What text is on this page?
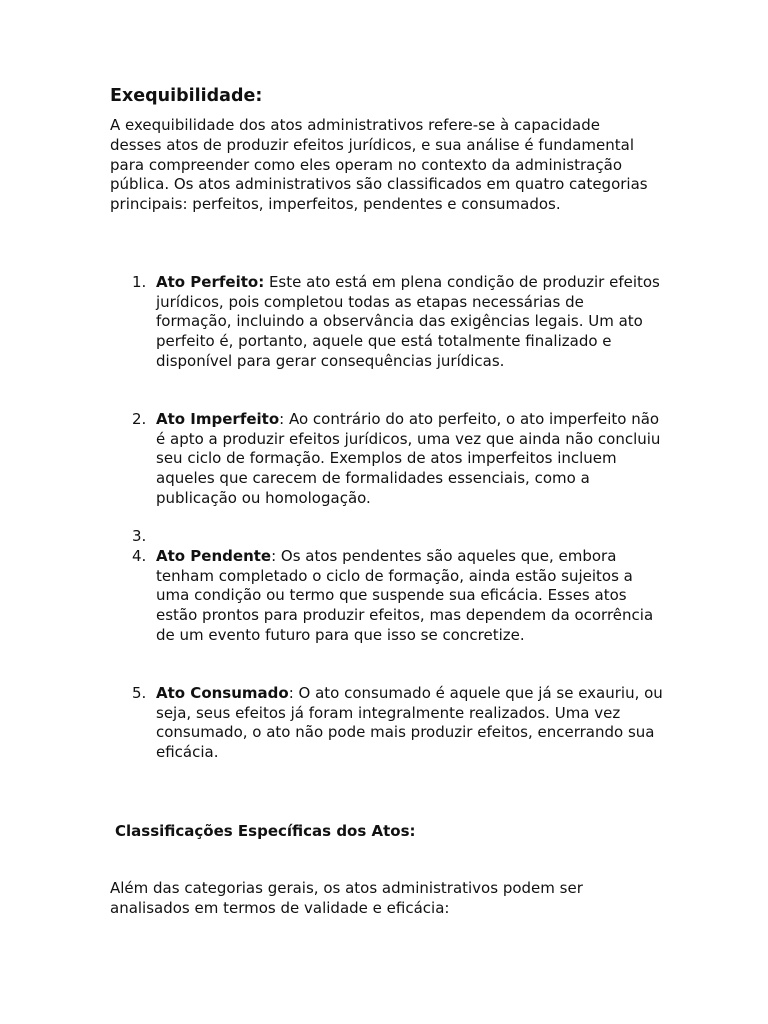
Exequibilidade:

A exequibilidade dos atos administrativos refere-se à capacidade desses atos de produzir efeitos jurídicos, e sua análise é fundamental para compreender como eles operam no contexto da administração pública. Os atos administrativos são classificados em quatro categorias principais: perfeitos, imperfeitos, pendentes e consumados.

1. Ato Perfeito: Este ato está em plena condição de produzir efeitos jurídicos, pois completou todas as etapas necessárias de formação, incluindo a observância das exigências legais. Um ato perfeito é, portanto, aquele que está totalmente finalizado e disponível para gerar consequências jurídicas.
2. Ato Imperfeito: Ao contrário do ato perfeito, o ato imperfeito não é apto a produzir efeitos jurídicos, uma vez que ainda não concluiu seu ciclo de formação. Exemplos de atos imperfeitos incluem aqueles que carecem de formalidades essenciais, como a publicação ou homologação.
3.
4. Ato Pendente: Os atos pendentes são aqueles que, embora tenham completado o ciclo de formação, ainda estão sujeitos a uma condição ou termo que suspende sua eficácia. Esses atos estão prontos para produzir efeitos, mas dependem da ocorrência de um evento futuro para que isso se concretize.
5. Ato Consumado: O ato consumado é aquele que já se exauriu, ou seja, seus efeitos já foram integralmente realizados. Uma vez consumado, o ato não pode mais produzir efeitos, encerrando sua eficácia.
Classificações Específicas dos Atos:

Além das categorias gerais, os atos administrativos podem ser analisados em termos de validade e eficácia:
